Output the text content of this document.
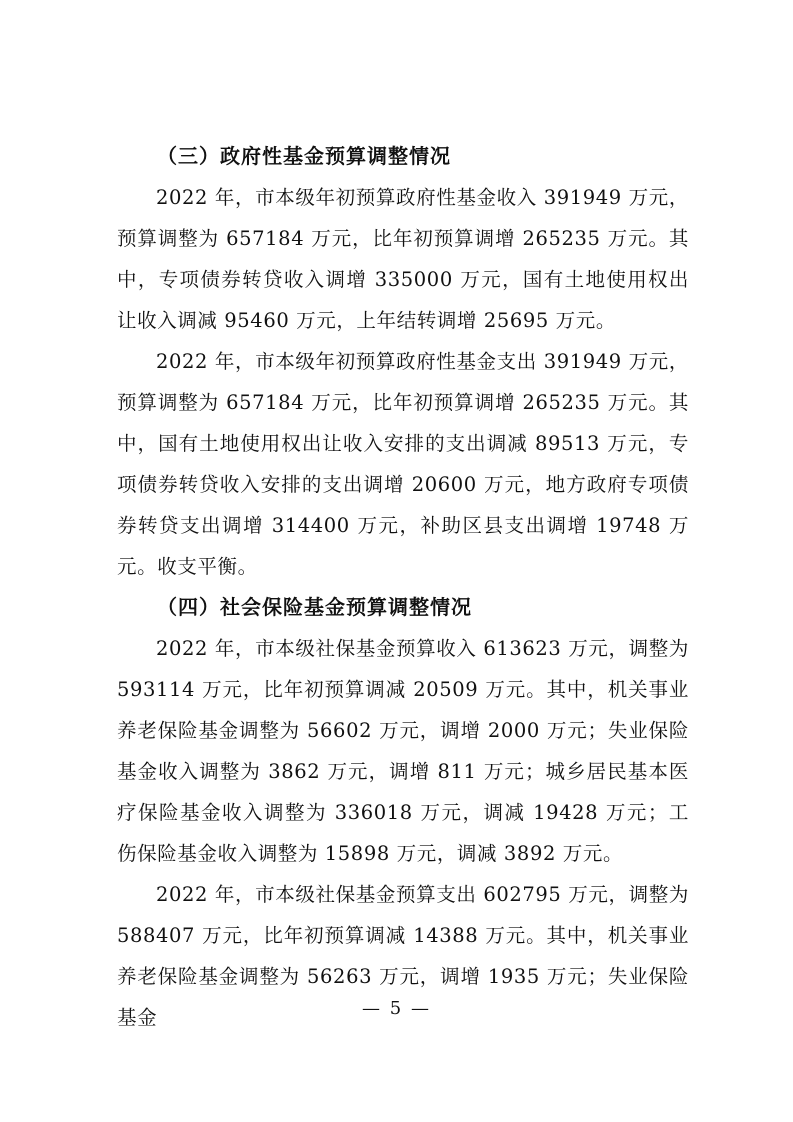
（三）政府性基金预算调整情况

2022 年，市本级年初预算政府性基金收入 391949 万元，预算调整为 657184 万元，比年初预算调增 265235 万元。其中，专项债券转贷收入调增 335000 万元，国有土地使用权出让收入调减 95460 万元，上年结转调增 25695 万元。

2022 年，市本级年初预算政府性基金支出 391949 万元，预算调整为 657184 万元，比年初预算调增 265235 万元。其中，国有土地使用权出让收入安排的支出调减 89513 万元，专项债券转贷收入安排的支出调增 20600 万元，地方政府专项债券转贷支出调增 314400 万元，补助区县支出调增 19748 万元。收支平衡。

（四）社会保险基金预算调整情况

2022 年，市本级社保基金预算收入 613623 万元，调整为 593114 万元，比年初预算调减 20509 万元。其中，机关事业养老保险基金调整为 56602 万元，调增 2000 万元；失业保险基金收入调整为 3862 万元，调增 811 万元；城乡居民基本医疗保险基金收入调整为 336018 万元，调减 19428 万元；工伤保险基金收入调整为 15898 万元，调减 3892 万元。

2022 年，市本级社保基金预算支出 602795 万元，调整为 588407 万元，比年初预算调减 14388 万元。其中，机关事业养老保险基金调整为 56263 万元，调增 1935 万元；失业保险基金	— 5 —
